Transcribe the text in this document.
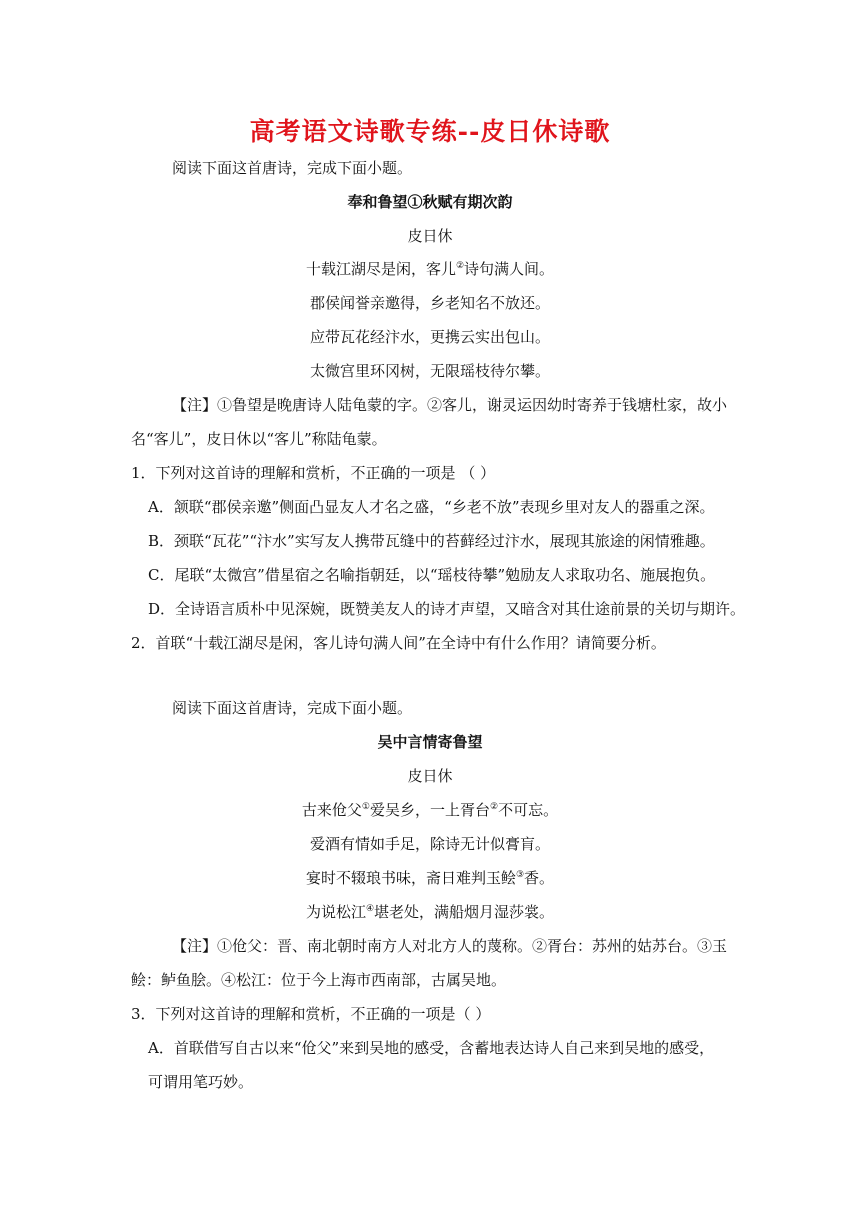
高考语文诗歌专练--皮日休诗歌
阅读下面这首唐诗，完成下面小题。
奉和鲁望①秋赋有期次韵
皮日休
十载江湖尽是闲，客儿②诗句满人间。
郡侯闻誉亲邀得，乡老知名不放还。
应带瓦花经汴水，更携云实出包山。
太微宫里环冈树，无限瑶枝待尔攀。
【注】①鲁望是晚唐诗人陆龟蒙的字。②客儿，谢灵运因幼时寄养于钱塘杜家，故小
名“客儿”，皮日休以“客儿”称陆龟蒙。
1．下列对这首诗的理解和赏析，不正确的一项是 （ ）
A．颔联“郡侯亲邀”侧面凸显友人才名之盛，“乡老不放”表现乡里对友人的器重之深。
B．颈联“瓦花”“汴水”实写友人携带瓦缝中的苔藓经过汴水，展现其旅途的闲情雅趣。
C．尾联“太微宫”借星宿之名喻指朝廷，以“瑶枝待攀”勉励友人求取功名、施展抱负。
D．全诗语言质朴中见深婉，既赞美友人的诗才声望，又暗含对其仕途前景的关切与期许。
2．首联“十载江湖尽是闲，客儿诗句满人间”在全诗中有什么作用？请简要分析。
阅读下面这首唐诗，完成下面小题。
吴中言情寄鲁望
皮日休
古来伧父①爱吴乡，一上胥台②不可忘。
爱酒有情如手足，除诗无计似膏肓。
宴时不辍琅书味，斋日难判玉鲙③香。
为说松江④堪老处，满船烟月湿莎裳。
【注】①伧父：晋、南北朝时南方人对北方人的蔑称。②胥台：苏州的姑苏台。③玉
鲙：鲈鱼脍。④松江：位于今上海市西南部，古属吴地。
3．下列对这首诗的理解和赏析，不正确的一项是（ ）
A．首联借写自古以来“伧父”来到吴地的感受，含蓄地表达诗人自己来到吴地的感受，
可谓用笔巧妙。
